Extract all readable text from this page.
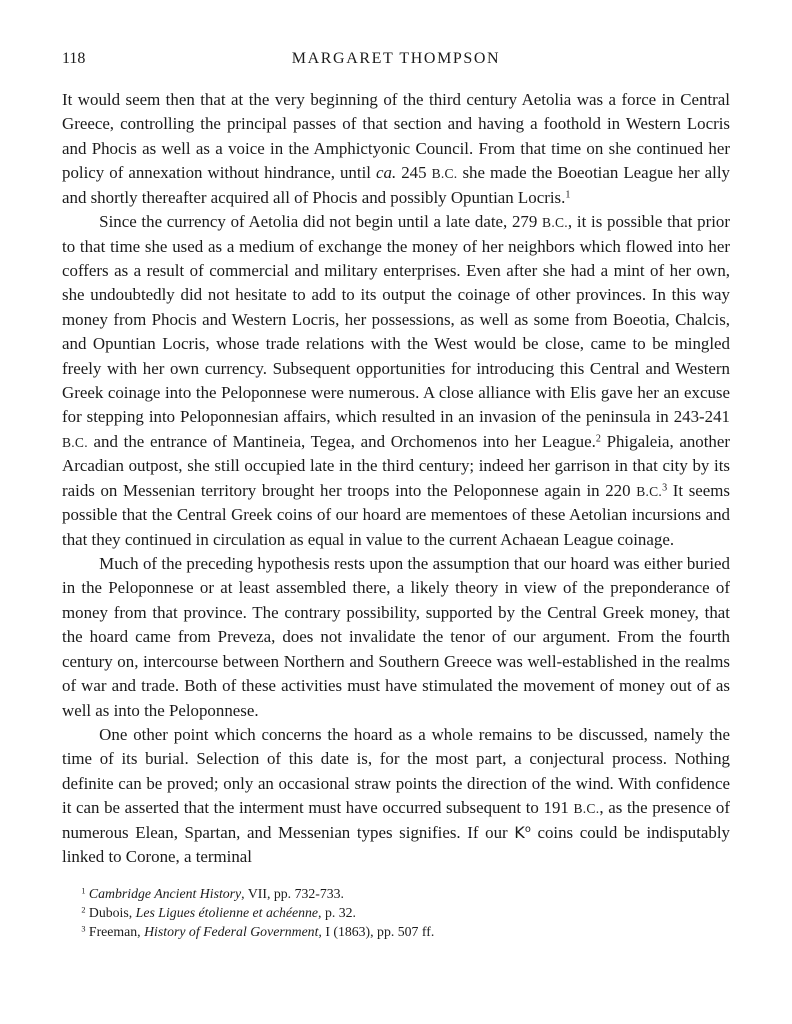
118	MARGARET THOMPSON

It would seem then that at the very beginning of the third century Aetolia was a force in Central Greece, controlling the principal passes of that section and having a foothold in Western Locris and Phocis as well as a voice in the Amphictyonic Council. From that time on she continued her policy of annexation without hindrance, until ca. 245 B.C. she made the Boeotian League her ally and shortly thereafter acquired all of Phocis and possibly Opuntian Locris.$^1$

Since the currency of Aetolia did not begin until a late date, 279 B.C., it is possible that prior to that time she used as a medium of exchange the money of her neighbors which flowed into her coffers as a result of commercial and military enterprises. Even after she had a mint of her own, she undoubtedly did not hesitate to add to its output the coinage of other provinces. In this way money from Phocis and Western Locris, her possessions, as well as some from Boeotia, Chalcis, and Opuntian Locris, whose trade relations with the West would be close, came to be mingled freely with her own currency. Subsequent opportunities for introducing this Central and Western Greek coinage into the Peloponnese were numerous. A close alliance with Elis gave her an excuse for stepping into Peloponnesian affairs, which resulted in an invasion of the peninsula in 243-241 B.C. and the entrance of Mantineia, Tegea, and Orchomenos into her League.$^2$ Phigaleia, another Arcadian outpost, she still occupied late in the third century; indeed her garrison in that city by its raids on Messenian territory brought her troops into the Peloponnese again in 220 B.C.$^3$ It seems possible that the Central Greek coins of our hoard are mementoes of these Aetolian incursions and that they continued in circulation as equal in value to the current Achaean League coinage.

Much of the preceding hypothesis rests upon the assumption that our hoard was either buried in the Peloponnese or at least assembled there, a likely theory in view of the preponderance of money from that province. The contrary possibility, supported by the Central Greek money, that the hoard came from Preveza, does not invalidate the tenor of our argument. From the fourth century on, intercourse between Northern and Southern Greece was well-established in the realms of war and trade. Both of these activities must have stimulated the movement of money out of as well as into the Peloponnese.

One other point which concerns the hoard as a whole remains to be discussed, namely the time of its burial. Selection of this date is, for the most part, a conjectural process. Nothing definite can be proved; only an occasional straw points the direction of the wind. With confidence it can be asserted that the interment must have occurred subsequent to 191 B.C., as the presence of numerous Elean, Spartan, and Messenian types signifies. If our $K^o$ coins could be indisputably linked to Corone, a terminal

$^1$ Cambridge Ancient History, VII, pp. 732-733.

$^2$ Dubois, Les Ligues étolienne et achéenne, p. 32.

$^3$ Freeman, History of Federal Government, I (1863), pp. 507 ff.
